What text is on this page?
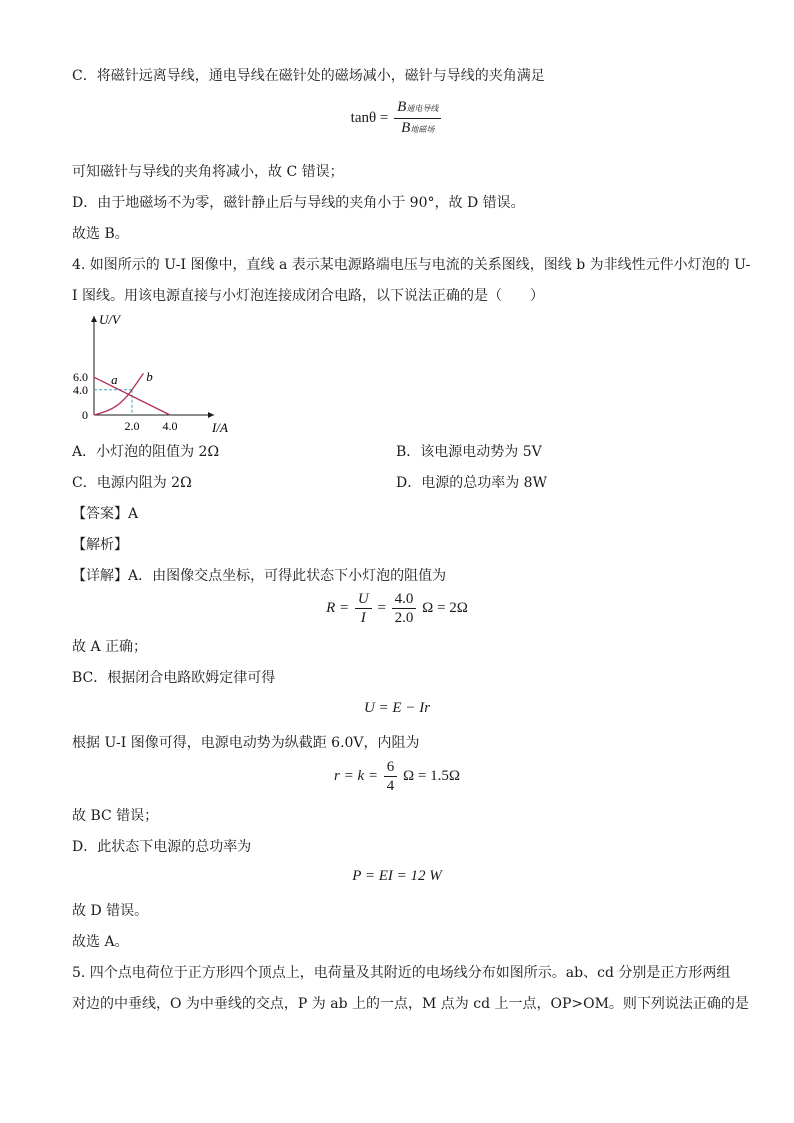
C．将磁针远离导线，通电导线在磁针处的磁场减小，磁针与导线的夹角满足
$\tan\theta = \frac{\text{B通电导线}}{\text{B地磁场}}$
可知磁针与导线的夹角将减小，故 C 错误；
D．由于地磁场不为零，磁针静止后与导线的夹角小于 90°，故 D 错误。
故选 B。
4. 如图所示的 U-I 图像中，直线 a 表示某电源路端电压与电流的关系图线，图线 b 为非线性元件小灯泡的 U-
I 图线。用该电源直接与小灯泡连接成闭合电路，以下说法正确的是（　　）
U/V
I/A
a b
6.0
4.0
0
2.0 4.0
A．小灯泡的阻值为 2Ω	B．该电源电动势为 5V
C．电源内阻为 2Ω	D．电源的总功率为 8W
【答案】A
【解析】
【详解】A．由图像交点坐标，可得此状态下小灯泡的阻值为
$R = \frac{U}{I} = \frac{4.0}{2.0}$ Ω = 2Ω
故 A 正确；
BC．根据闭合电路欧姆定律可得
U = E − Ir
根据 U-I 图像可得，电源电动势为纵截距 6.0V，内阻为
$r = k = \frac{6}{4}$ Ω = 1.5Ω
故 BC 错误；
D．此状态下电源的总功率为
P = EI = 12 W
故 D 错误。
故选 A。
5. 四个点电荷位于正方形四个顶点上，电荷量及其附近的电场线分布如图所示。ab、cd 分别是正方形两组
对边的中垂线，O 为中垂线的交点，P 为 ab 上的一点，M 点为 cd 上一点，OP>OM。则下列说法正确的是
